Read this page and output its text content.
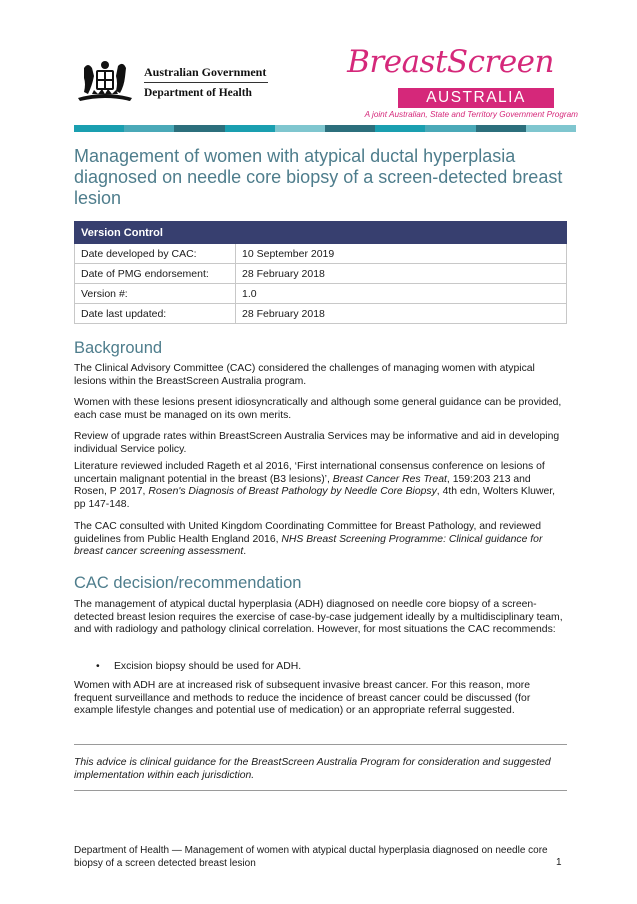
Australian Government
Department of Health
BreastScreen
AUSTRALIA
A joint Australian, State and Territory Government Program
Management of women with atypical ductal hyperplasia diagnosed on needle core biopsy of a screen-detected breast lesion
Version Control	
Date developed by CAC:	10 September 2019
Date of PMG endorsement:	28 February 2018
Version #:	1.0
Date last updated:	28 February 2018
Background

The Clinical Advisory Committee (CAC) considered the challenges of managing women with atypical lesions within the BreastScreen Australia program.

Women with these lesions present idiosyncratically and although some general guidance can be provided, each case must be managed on its own merits.

Review of upgrade rates within BreastScreen Australia Services may be informative and aid in developing individual Service policy.

Literature reviewed included Rageth et al 2016, ‘First international consensus conference on lesions of uncertain malignant potential in the breast (B3 lesions)’, Breast Cancer Res Treat, 159:203 213 and Rosen, P 2017, Rosen's Diagnosis of Breast Pathology by Needle Core Biopsy, 4th edn, Wolters Kluwer, pp 147-148.

The CAC consulted with United Kingdom Coordinating Committee for Breast Pathology, and reviewed guidelines from Public Health England 2016, NHS Breast Screening Programme: Clinical guidance for breast cancer screening assessment.

CAC decision/recommendation

The management of atypical ductal hyperplasia (ADH) diagnosed on needle core biopsy of a screen-detected breast lesion requires the exercise of case-by-case judgement ideally by a multidisciplinary team, and with radiology and pathology clinical correlation. However, for most situations the CAC recommends:

• Excision biopsy should be used for ADH.

Women with ADH are at increased risk of subsequent invasive breast cancer. For this reason, more frequent surveillance and methods to reduce the incidence of breast cancer could be discussed (for example lifestyle changes and potential use of medication) or an appropriate referral suggested.

This advice is clinical guidance for the BreastScreen Australia Program for consideration and suggested implementation within each jurisdiction.

Department of Health — Management of women with atypical ductal hyperplasia diagnosed on needle core biopsy of a screen detected breast lesion	1
